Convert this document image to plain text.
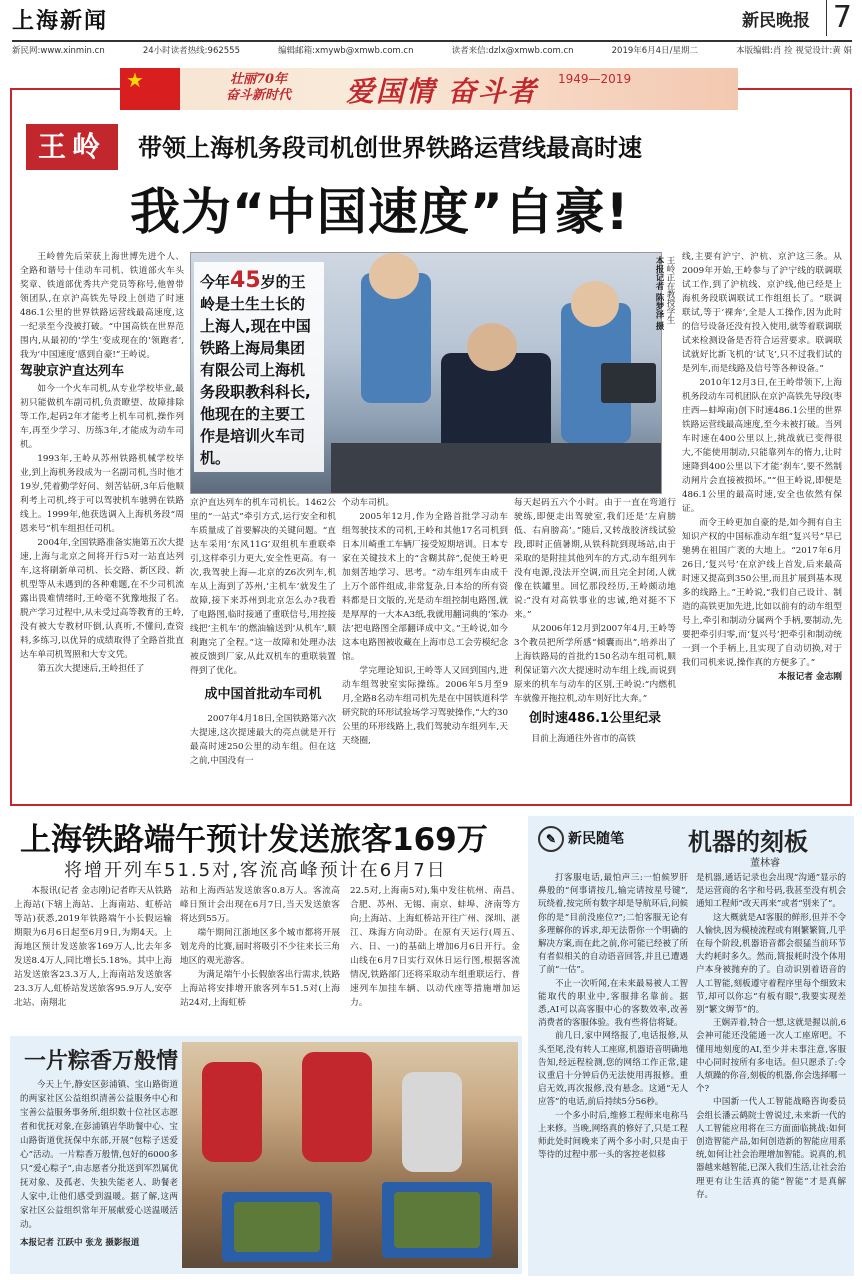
上海新闻	新民晚报 7
新民网:www.xinmin.cn	24小时读者热线:962555	编辑邮箱:xmywb@xmwb.com.cn	读者来信:dzlx@xmwb.com.cn	2019年6月4日/星期二	本版编辑:肖 捡 视觉设计:黄 娟
★	壮丽70年
奋斗新时代 爱国情 奋斗者 1949—2019
王岭	带领上海机务段司机创世界铁路运营线最高时速
我为“中国速度”自豪!

王岭曾先后荣获上海世博先进个人、全路和谐号十佳动车司机、铁道部火车头奖章、铁道部优秀共产党员等称号,他曾带领团队,在京沪高铁先导段上创造了时速486.1公里的世界铁路运营线最高速度,这一纪录至今没被打破。“中国高铁在世界范围内,从最初的‘学生’变成现在的‘领跑者’,我为‘中国速度’感到自豪!”王岭说。

驾驶京沪直达列车

如今一个火车司机,从专业学校毕业,最初只能做机车副司机,负责瞭望、故障排除等工作,起码2年才能考上机车司机,操作列车,再至少学习、历练3年,才能成为动车司机。

1993年,王岭从苏州铁路机械学校毕业,到上海机务段成为一名副司机,当时他才19岁,凭着勤学好问、刻苦钻研,3年后他顺利考上司机,终于可以驾驶机车驰骋在铁路线上。1999年,他获选调入上海机务段“周恩来号”机车组担任司机。

2004年,全国铁路准备实施第五次大提速,上海与北京之间将开行5对一站直达列车,这将刷新单司机、长交路、新区段、新机型等从未遇到的各种难题,在不少司机流露出畏难情绪时,王岭毫不犹豫地报了名。脱产学习过程中,从未受过高等教育的王岭,没有被大专教材吓倒,认真听,不懂问,查资料,多练习,以优异的成绩取得了全路首批直达车单司机驾照和大专文凭。

第五次大提速后,王岭担任了

今年45岁的王岭是土生土长的上海人,现在中国铁路上海局集团有限公司上海机务段职教科科长,他现在的主要工作是培训火车司机。
王岭正在教授学生
本报记者 陈梦泽 摄

京沪直达列车的机车司机长。1462公里的“一站式”牵引方式,运行安全和机车质量成了首要解决的关键问题。“直达车采用‘东风11G’双组机车重联牵引,这样牵引力更大,安全性更高。有一次,我驾驶上海—北京的Z6次列车,机车从上海到了苏州,‘主机车’就发生了故障,接下来苏州到北京怎么办?我看了电路图,临时接通了重联信号,用控接线把‘主机车’的燃油输送到‘从机车’,顺利跑完了全程。”这一故障和处理办法被反馈到厂家,从此双机车的重联装置得到了优化。

成中国首批动车司机

2007年4月18日,全国铁路第六次大提速,这次提速最大的亮点就是开行最高时速250公里的动车组。但在这之前,中国没有一

个动车司机。

2005年12月,作为全路首批学习动车组驾驶技术的司机,王岭和其他17名司机到日本川崎重工车辆厂接受短期培训。日本专家在关键技术上的“含糊其辞”,促使王岭更加刻苦地学习、思考。“动车组列车由成千上万个部件组成,非常复杂,日本给的所有资料都是日文版的,光是动车组控制电路图,就是厚厚的一大本A3纸,我就用翻词典的‘笨办法’把电路图全部翻译成中文。”王岭说,如今这本电路图被收藏在上海市总工会劳模纪念馆。

学完理论知识,王岭等人又回到国内,进动车组驾驶室实际操练。2006年5月至9月,全路8名动车组司机先是在中国铁道科学研究院的环形试验场学习驾驶操作,“大约30公里的环形线路上,我们驾驶动车组列车,天天绕圈,

每天起码五六个小时。由于一直在弯道行驶练,即便走出驾驶室,我们还是‘左肩膀低、右肩膀高’。”随后,又转战胶济线试验段,即时正值暑期,从铁科院到现场站,由于采取的是附挂其他列车的方式,动车组列车没有电源,没法开空调,而且完全封闭,人就像在铁罐里。回忆那段经历,王岭颇动地说:“没有对高铁事业的忠诚,绝对挺不下来。”

从2006年12月到2007年4月,王岭等3个教员把所学所感“倾囊而出”,培养出了上海铁路局的首批约150名动车组司机,顺利保证第六次大提速时动车组上线,而说到原来的机车与动车的区别,王岭说:“内燃机车就像开拖拉机,动车则好比大奔。”

创时速486.1公里纪录

目前上海通往外省市的高铁

线,主要有沪宁、沪杭、京沪这三条。从2009年开始,王岭参与了沪宁线的联调联试工作,到了沪杭线、京沪线,他已经是上海机务段联调联试工作组组长了。“联调联试,等于‘裸奔’,全是人工操作,因为此时的信号设备还没有投入使用,就等着联调联试来检测设备是否符合运营要求。联调联试就好比新飞机的‘试飞’,只不过我们试的是列车,而是线路及信号等各种设备。”

2010年12月3日,在王岭带领下,上海机务段动车司机团队在京沪高铁先导段(枣庄西—蚌埠南)创下时速486.1公里的世界铁路运营线最高速度,至今未被打破。当列车时速在400公里以上,挑战就已变得很大,不能使用制动,只能靠列车的惰力,让时速降到400公里以下才能‘刹车’,要不然制动闸片会直接被损坏。”“但王岭说,即便是486.1公里的最高时速,安全也依然有保证。

而令王岭更加自豪的是,如今拥有自主知识产权的中国标准动车组“复兴号”早已驰骋在祖国广袤的大地上。“2017年6月26日,‘复兴号’在京沪线上首发,后来最高时速又提高到350公里,而且扩展到基本现多的线路上。”王岭说,“我们自己设计、制造的高铁更加先进,比如以前有的动车组型号上,牵引和制动分属两个手柄,要制动,先要把牵引归零,而‘复兴号’把牵引和制动统一到一个手柄上,且实现了自动切换,对于我们司机来说,操作真的方便多了。”

本报记者 金志刚
上海铁路端午预计发送旅客169万
将增开列车51.5对,客流高峰预计在6月7日

本报讯(记者 金志刚)记者昨天从铁路上海站(下辖上海站、上海南站、虹桥站等站)获悉,2019年铁路端午小长假运输期限为6月6日起至6月9日,为期4天。上海地区预计发送旅客169万人,比去年多发送8.4万人,同比增长5.18%。其中上海站发送旅客23.3万人,上海南站发送旅客23.3万人,虹桥站发送旅客95.9万人,安亭北站、南翔北

站和上海西站发送旅客0.8万人。客流高峰日预计会出现在6月7日,当天发送旅客将达到55万。

端午期间江浙地区多个城市都将开展划龙舟的比赛,届时将吸引不少往来长三角地区的观光游客。

为满足端午小长假旅客出行需求,铁路上海站将安排增开旅客列车51.5对(上海站24对,上海虹桥

22.5对,上海南5对),集中发往杭州、南昌、合肥、苏州、无锡、南京、蚌埠、济南等方向;上海站、上海虹桥站开往广州、深圳、湛江、珠海方向动卧。在原有天运行(周五、六、日、一)的基础上增加6月6日开行。金山线在6月7日实行双休日运行图,根据客流情况,铁路部门还将采取动车组重联运行、普速列车加挂车辆、以动代座等措施增加运力。

✎ 新民随笔	机器的刻板
董林睿

打客服电话,最怕声三:一怕候罗肝鼻般的“何事请按几,输完请按星号键”,玩绕着,按完所有数字却是导航环后,问候你的是“目前没座位?”;二怕客服无论有多理解你的诉求,却无法帮你一个明确的解决方案,而在此之前,你可能已经被了所有者似相关的自动语音回答,并且已遭遇了前“一估”。

不止一次听闻,在未来最易被人工智能取代的职业中,客服排名靠前。据悉,AI可以高客服中心的客数效率,改善消费者的客服体验。我有些将信将疑。

前几日,家中网络报了,电话报修,从头至尾,没有转人工座席,机器语音明确地告知,经远程检测,您的网络工作正常,建议重启十分钟后仍无法使用再报修。重启无效,再次报修,没有悬念。这通“无人应答”的电话,前后持续5分56秒。

一个多小时后,维修工程师来电称马上来修。当晚,网络真的修好了,只是工程师此处时间晚来了两个多小时,只是由于等待的过程中那一头的客控老似移

是机器,通话记录也会出现“沟通”显示的是运营商的名字和号码,我甚至没有机会通知工程师“改天再来”或者“别来了”。

这大概就是AI客服的鲜形,但并不令人愉快,因为模棱流程或有刚繁繁简,几乎在每个阶段,机器语音都会很猛当前环节大约耗时多久。然而,简报耗时没个体用户本身被抛弃的了。自动识别着语音的人工智能,刻板遵守着程序里每个细致末节,却可以你忘“有板有眼”,我要实现差别“繁文缛节”的。

王娴弄着,特合一想,这就是握以前,6会神可能还没能通一次人工座席吧。不懂用地刻度的AI,至少并未事注意,客服中心同时按所有多电话。但只愿杀了:令人烦躁的你音,刻板的机器,你会选择哪一个?

中国新一代人工智能战略咨询委员会组长潘云鹤院士曾说过,未来新一代的人工智能应用将在三方面面临挑战:如何创造智能产品,如何创造新的智能应用系统,如何让社会治理增加智能。说真的,机器越来越智能,已深入我们生活,让社会治理更有让生活真的能“智能”才是真解存。

一片粽香万般情

今天上午,静安区彭浦镇、宝山路街道的两家社区公益组织清善公益服务中心和宝善公益服务事务所,组织数十位社区志愿者和优抚对象,在彭浦镇岩华助餐中心、宝山路街道优抚保中东部,开展“包粽子送爱心”活动。一片粽香万般情,包好的6000多只“爱心粽子”,由志愿者分批送到军烈属优抚对象、及孤老、失独失能老人、助餐老人家中,让他们感受到温暖。据了解,这两家社区公益组织常年开展献爱心送温暖活动。

本报记者 江跃中 张龙 摄影报道
